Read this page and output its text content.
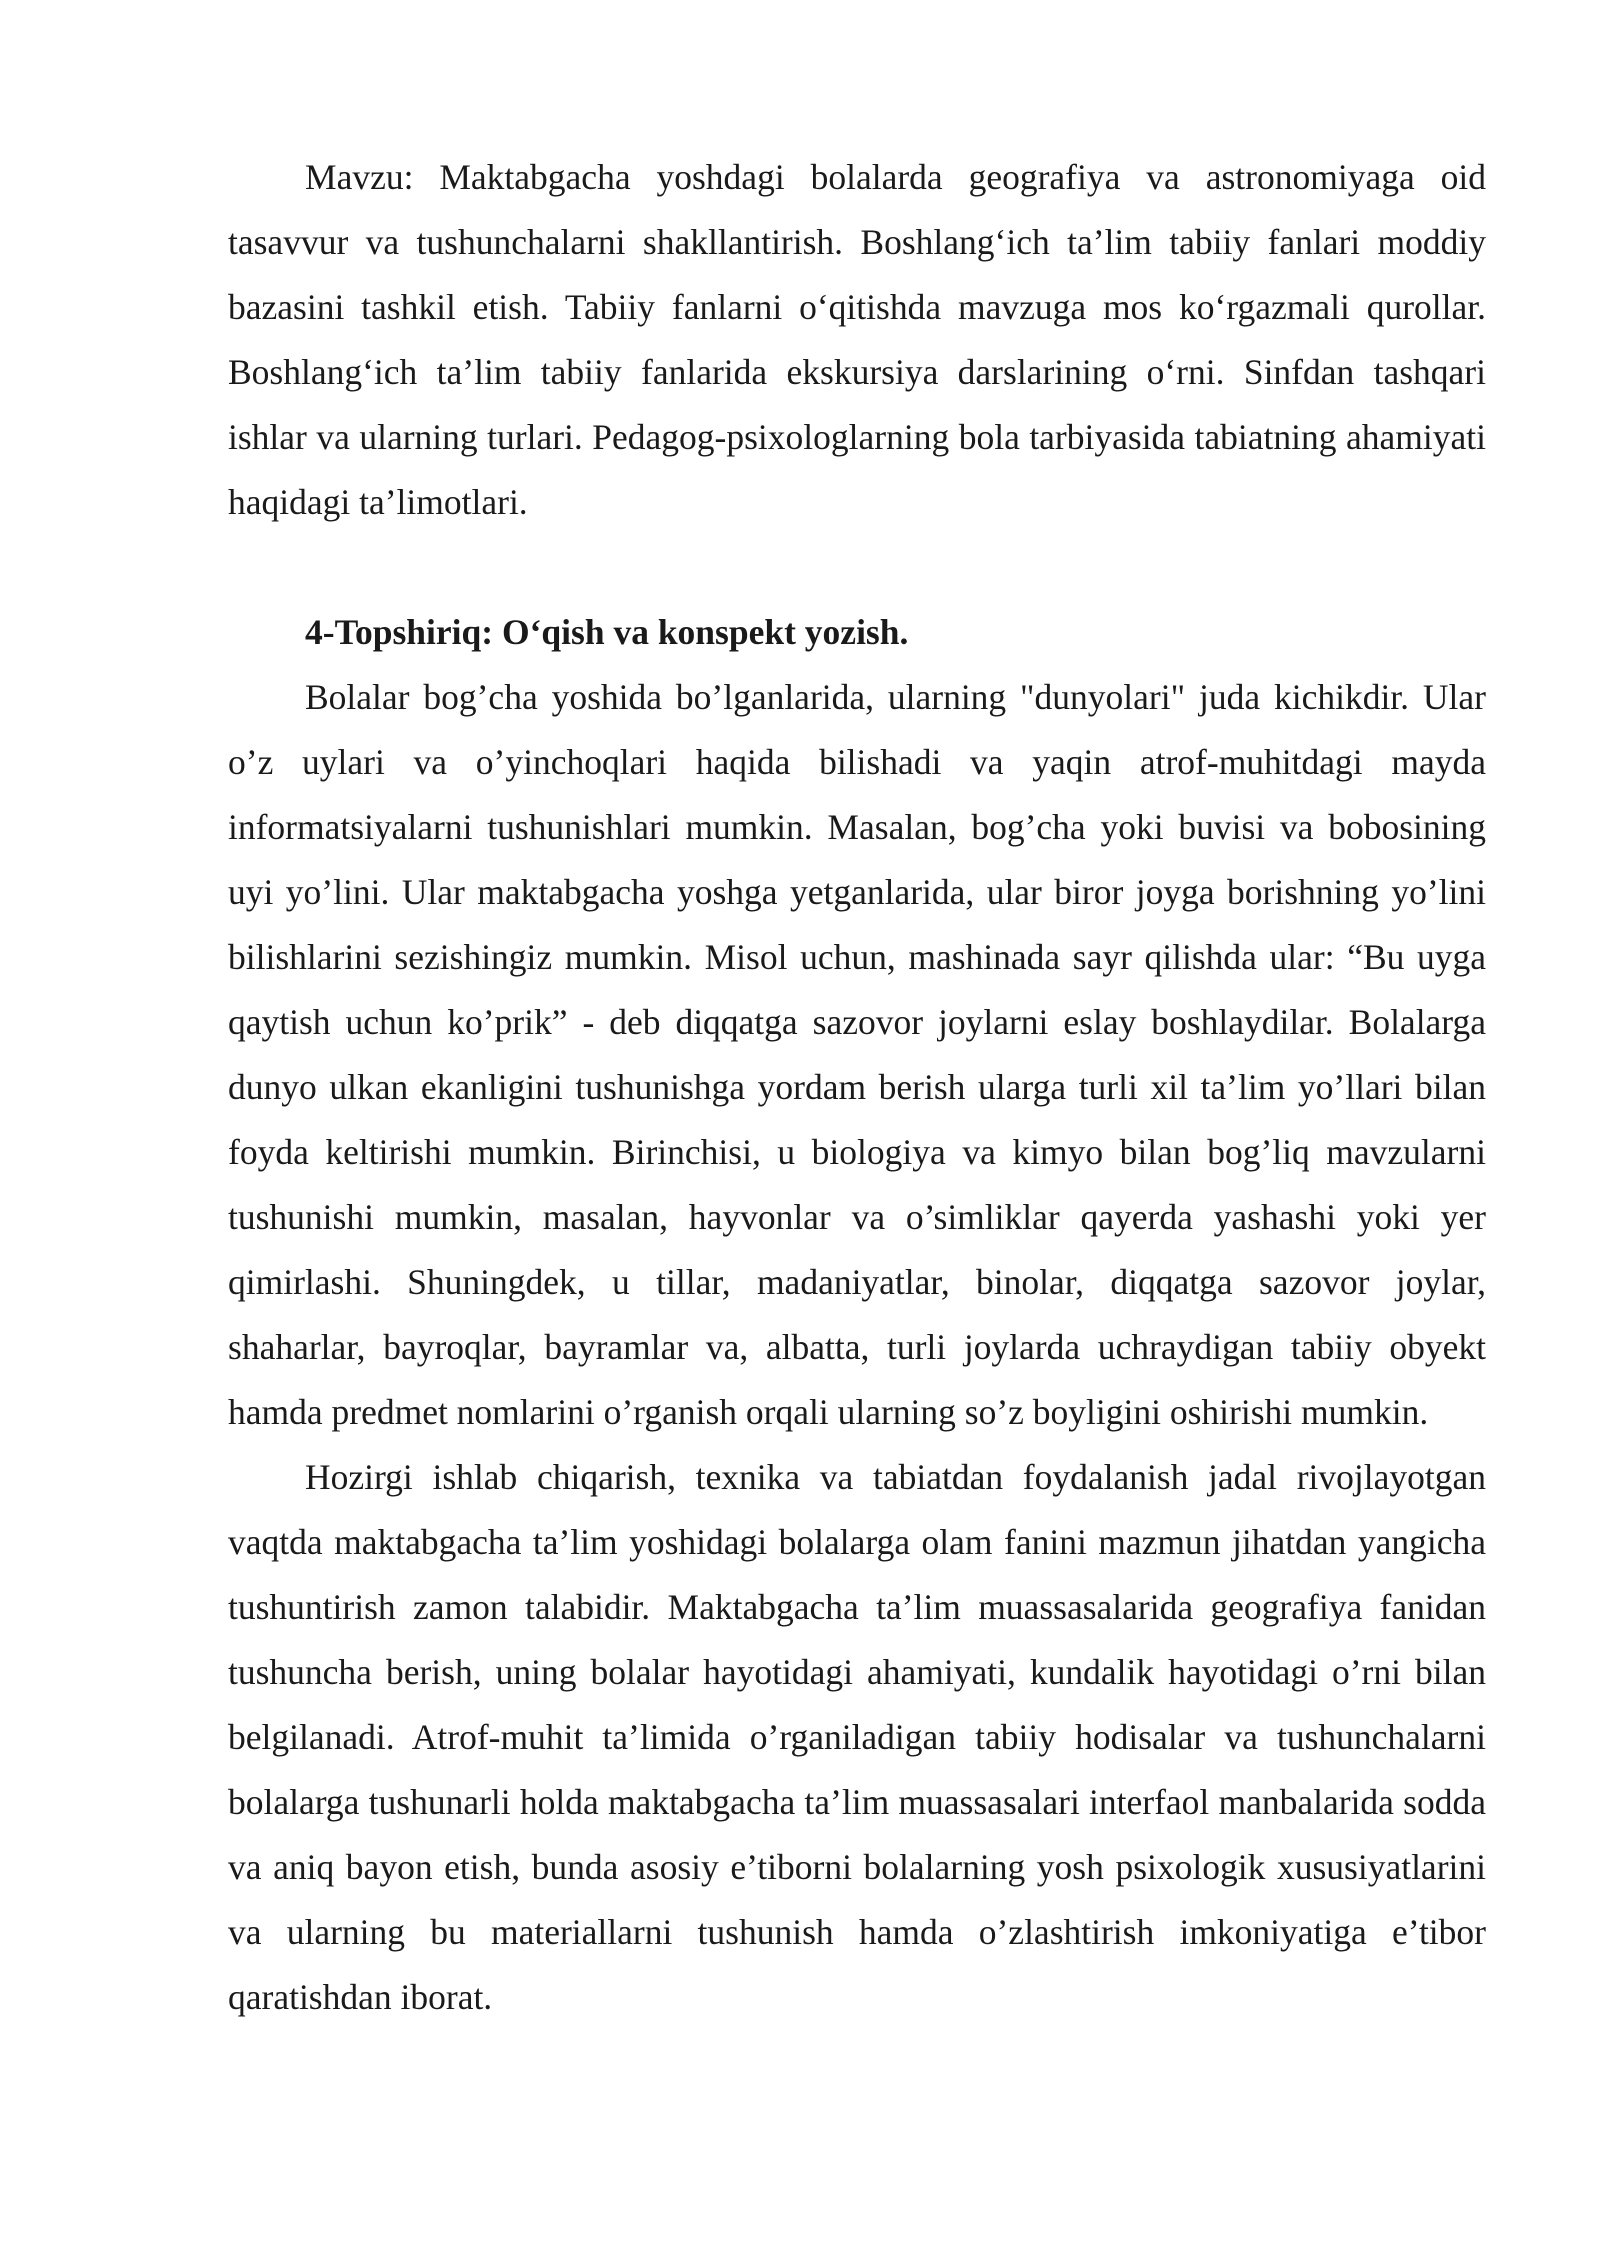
Mavzu: Maktabgacha yoshdagi bolalarda geografiya va astronomiyaga oid tasavvur va tushunchalarni shakllantirish. Boshlang‘ich ta’lim tabiiy fanlari moddiy bazasini tashkil etish. Tabiiy fanlarni o‘qitishda mavzuga mos ko‘rgazmali qurollar. Boshlang‘ich ta’lim tabiiy fanlarida ekskursiya darslarining o‘rni. Sinfdan tashqari ishlar va ularning turlari. Pedagog-psixologlarning bola tarbiyasida tabiatning ahamiyati haqidagi ta’limotlari.

4-Topshiriq: O‘qish va konspekt yozish.

Bolalar bog’cha yoshida bo’lganlarida, ularning "dunyolari" juda kichikdir. Ular o’z uylari va o’yinchoqlari haqida bilishadi va yaqin atrof-muhitdagi mayda informatsiyalarni tushunishlari mumkin. Masalan, bog’cha yoki buvisi va bobosining uyi yo’lini. Ular maktabgacha yoshga yetganlarida, ular biror joyga borishning yo’lini bilishlarini sezishingiz mumkin. Misol uchun, mashinada sayr qilishda ular: “Bu uyga qaytish uchun ko’prik” - deb diqqatga sazovor joylarni eslay boshlaydilar. Bolalarga dunyo ulkan ekanligini tushunishga yordam berish ularga turli xil ta’lim yo’llari bilan foyda keltirishi mumkin. Birinchisi, u biologiya va kimyo bilan bog’liq mavzularni tushunishi mumkin, masalan, hayvonlar va o’simliklar qayerda yashashi yoki yer qimirlashi. Shuningdek, u tillar, madaniyatlar, binolar, diqqatga sazovor joylar, shaharlar, bayroqlar, bayramlar va, albatta, turli joylarda uchraydigan tabiiy obyekt hamda predmet nomlarini o’rganish orqali ularning so’z boyligini oshirishi mumkin.

Hozirgi ishlab chiqarish, texnika va tabiatdan foydalanish jadal rivojlayotgan vaqtda maktabgacha ta’lim yoshidagi bolalarga olam fanini mazmun jihatdan yangicha tushuntirish zamon talabidir. Maktabgacha ta’lim muassasalarida geografiya fanidan tushuncha berish, uning bolalar hayotidagi ahamiyati, kundalik hayotidagi o’rni bilan belgilanadi. Atrof-muhit ta’limida o’rganiladigan tabiiy hodisalar va tushunchalarni bolalarga tushunarli holda maktabgacha ta’lim muassasalari interfaol manbalarida sodda va aniq bayon etish, bunda asosiy e’tiborni bolalarning yosh psixologik xususiyatlarini va ularning bu materiallarni tushunish hamda o’zlashtirish imkoniyatiga e’tibor qaratishdan iborat.
